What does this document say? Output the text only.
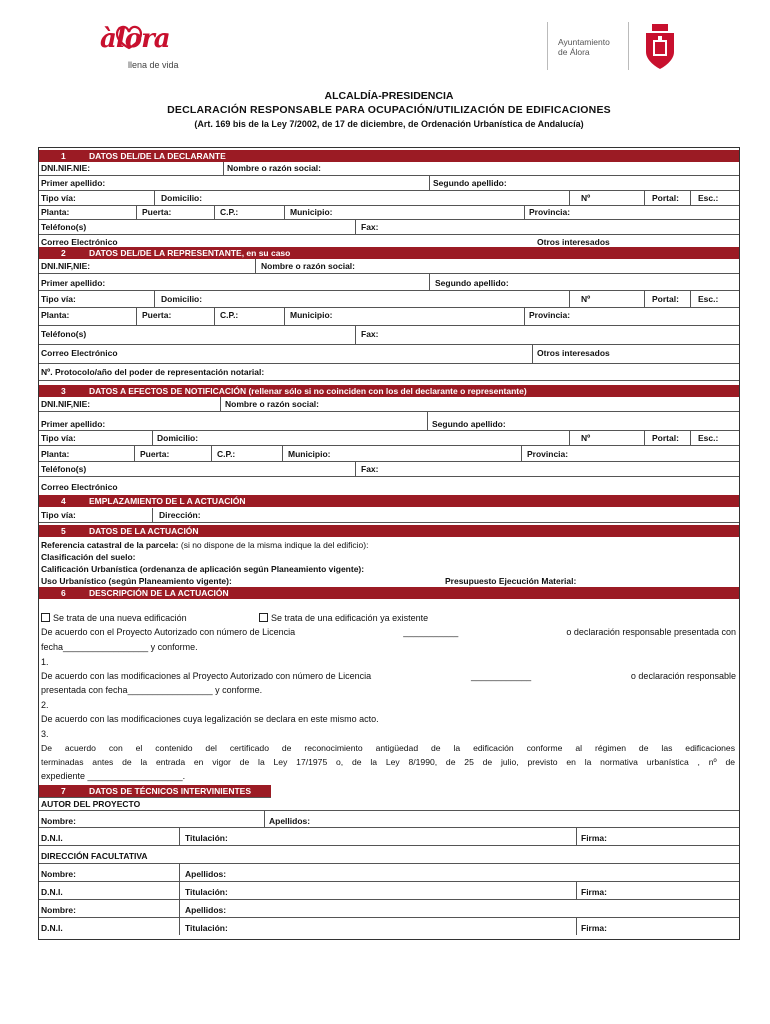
àlora
llena de vida
Ayuntamiento
de Álora
ALCALDÍA-PRESIDENCIA
DECLARACIÓN RESPONSABLE PARA OCUPACIÓN/UTILIZACIÓN DE EDIFICACIONES
(Art. 169 bis de la Ley 7/2002, de 17 de diciembre, de Ordenación Urbanística de Andalucía)
1	DATOS DEL/DE LA DECLARANTE
DNI.NIF.NIE:	Nombre o razón social:
Primer apellido:	Segundo apellido:
Tipo vía:	Domicilio:	Nº	Portal: Esc.:
Planta:	Puerta:	C.P.:	Municipio:	Provincia:
Teléfono(s)	Fax:
Correo Electrónico	Otros interesados
2	DATOS DEL/DE LA REPRESENTANTE, en su caso
DNI.NIF,NIE:	Nombre o razón social:
Primer apellido:	Segundo apellido:
Tipo vía:	Domicilio:	Nº	Portal: Esc.:
Planta:	Puerta:	C.P.:	Municipio:	Provincia:
Teléfono(s)	Fax:
Correo Electrónico	Otros interesados
Nº. Protocolo/año del poder de representación notarial:
3	DATOS A EFECTOS DE NOTIFICACIÓN (rellenar sólo si no coinciden con los del declarante o representante)
DNI.NIF,NIE:	Nombre o razón social:
Primer apellido:	Segundo apellido:
Tipo vía:	Domicilio:	Nº	Portal: Esc.:
Planta:	Puerta:	C.P.:	Municipio:	Provincia:
Teléfono(s)	Fax:
Correo Electrónico
4	EMPLAZAMIENTO DE L A ACTUACIÓN
Tipo vía:	Dirección:
5	DATOS DE LA ACTUACIÓN
Referencia catastral de la parcela: (si no dispone de la misma indique la del edificio):
Clasificación del suelo:
Calificación Urbanística (ordenanza de aplicación según Planeamiento vigente):
Uso Urbanístico (según Planeamiento vigente):	Presupuesto Ejecución Material:
6	DESCRIPCIÓN DE LA ACTUACIÓN
Se trata de una nueva edificación	Se trata de una edificación ya existente
De acuerdo con el Proyecto Autorizado con número de Licencia	___________	o declaración responsable presentada con
fecha_________________ y conforme.
1.
De acuerdo con las modificaciones al Proyecto Autorizado con número de Licencia	____________	o declaración responsable
presentada con fecha_________________ y conforme.
2.
De acuerdo con las modificaciones cuya legalización se declara en este mismo acto.
3.
De acuerdo con el contenido del certificado de reconocimiento antigüedad de la edificación conforme al régimen de las edificaciones
terminadas antes de la entrada en vigor de la Ley 17/1975 o, de la Ley 8/1990, de 25 de julio, previsto en la normativa urbanística , nº de
expediente ___________________.
7	DATOS DE TÉCNICOS INTERVINIENTES
AUTOR DEL PROYECTO
Nombre:	Apellidos:
D.N.I.	Titulación:	Firma:
DIRECCIÓN FACULTATIVA
Nombre:	Apellidos:
D.N.I.	Titulación:	Firma:
Nombre:	Apellidos:
D.N.I.	Titulación:	Firma:
